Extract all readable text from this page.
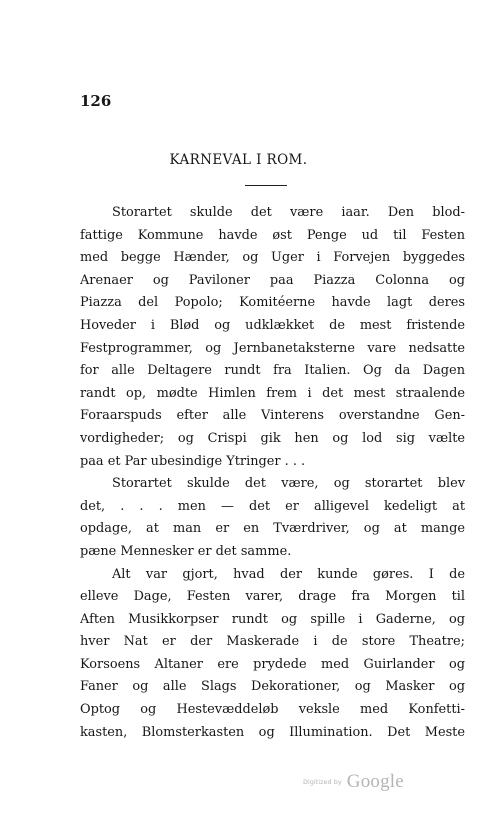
126

KARNEVAL I ROM.
Storartet skulde det være iaar. Den blod-
fattige Kommune havde øst Penge ud til Festen
med begge Hænder, og Uger i Forvejen byggedes
Arenaer og Paviloner paa Piazza Colonna og
Piazza del Popolo; Komitéerne havde lagt deres
Hoveder i Blød og udklækket de mest fristende
Festprogrammer, og Jernbanetaksterne vare nedsatte
for alle Deltagere rundt fra Italien. Og da Dagen
randt op, mødte Himlen frem i det mest straalende
Foraarspuds efter alle Vinterens overstandne Gen-
vordigheder; og Crispi gik hen og lod sig vælte
paa et Par ubesindige Ytringer . . .
Storartet skulde det være, og storartet blev
det, . . . men — det er alligevel kedeligt at
opdage, at man er en Tværdriver, og at mange
pæne Mennesker er det samme.
Alt var gjort, hvad der kunde gøres. I de
elleve Dage, Festen varer, drage fra Morgen til
Aften Musikkorpser rundt og spille i Gaderne, og
hver Nat er der Maskerade i de store Theatre;
Korsoens Altaner ere prydede med Guirlander og
Faner og alle Slags Dekorationer, og Masker og
Optog og Hestevæddeløb veksle med Konfetti-
kasten, Blomsterkasten og Illumination. Det Meste
Digitized by Google
